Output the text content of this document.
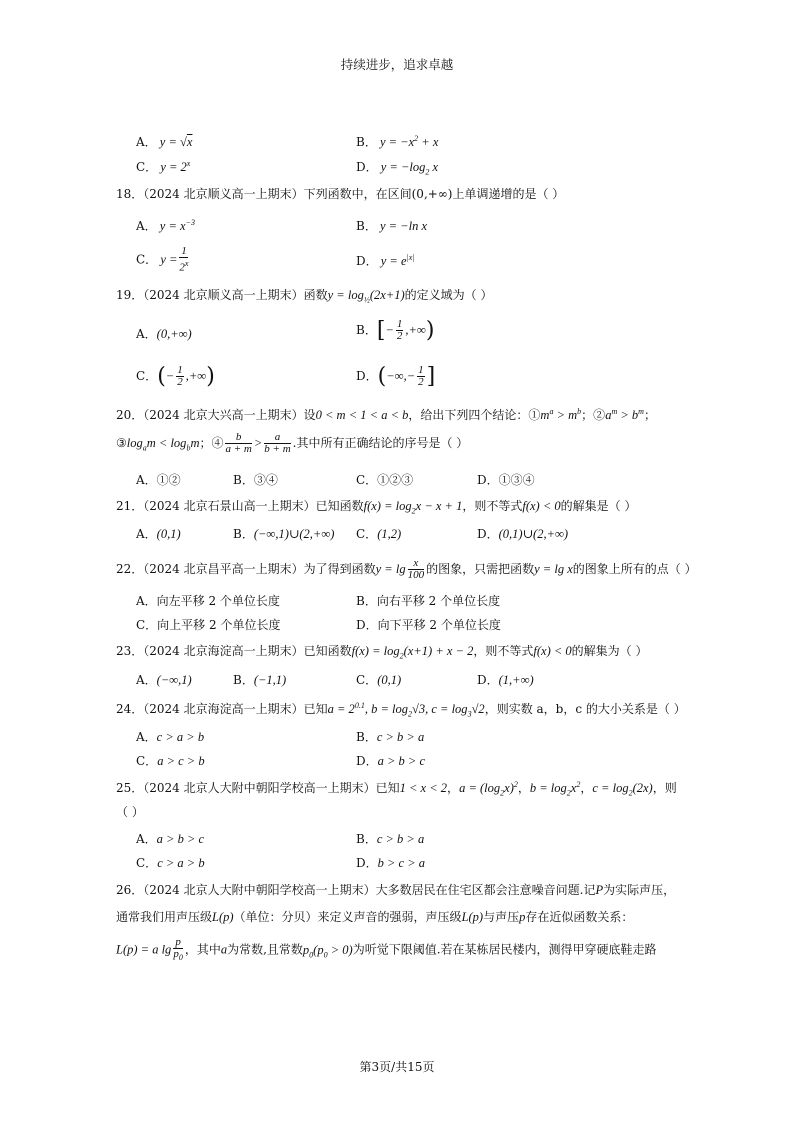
持续进步，追求卓越
A． y = √x	B． $y = -x^2 + x$
C． $y = 2^x$	D． $y = -\log_2$ x
18．（2024 北京顺义高一上期末）下列函数中，在区间(0,+∞)上单调递增的是（ ）
A． $y = x^{-3}$	B． y = −ln x
C． $y = \frac{1}{2^x}$	D． $y = e^{|x|}$
19．（2024 北京顺义高一上期末）函数$y = \log_{\frac{1}{2}}(2x+1)$的定义域为（ ）
A．(0,+∞)	B．[− $\frac{1}{2}$ ,+∞)
C．(− $\frac{1}{2}$ ,+∞)	D．(−∞,− $\frac{1}{2}$ ]
20．（2024 北京大兴高一上期末）设0 < m < 1 < a < b，给出下列四个结论：$①m^a > m^b$；$②a^m > b^m$；
$③\log_am < \log_bm$；④ $\frac{b}{a + m} > \frac{a}{b + m}$ .其中所有正确结论的序号是（ ）
A．①②	B．③④	C．①②③	D．①③④
21．（2024 北京石景山高一上期末）已知函数$f(x) = \log_2x - x + 1$，则不等式f(x) < 0的解集是（ ）
A．(0,1)	B．(−∞,1)∪(2,+∞) C．(1,2)	D．(0,1)∪(2,+∞)
22．（2024 北京昌平高一上期末）为了得到函数$y = \lg \frac{x}{100}$ 的图象，只需把函数y = lg x的图象上所有的点（ ）
A．向左平移 2 个单位长度	B．向右平移 2 个单位长度
C．向上平移 2 个单位长度	D．向下平移 2 个单位长度
23．（2024 北京海淀高一上期末）已知函数$f(x) = \log_2(x+1) + x - 2$，则不等式f(x) < 0的解集为（ ）
A．(−∞,1)	B．(−1,1)	C．(0,1)	D．(1,+∞)
24．（2024 北京海淀高一上期末）已知$a = 2^{0.1}$, $b = \log_2√3$, $c = \log_3√2$，则实数 a，b，c 的大小关系是（ ）
A．c > a > b	B．c > b > a
C．a > c > b	D．a > b > c
25．（2024 北京人大附中朝阳学校高一上期末）已知1 < x < 2，$a = (\log_2x)^2$，$b = \log_2x^2$，$c = \log_2(2x)$，则
（ ）
A．a > b > c	B．c > b > a
C．c > a > b	D．b > c > a
26．（2024 北京人大附中朝阳学校高一上期末）大多数居民在住宅区都会注意噪音问题.记P为实际声压，
通常我们用声压级L(p)（单位：分贝）来定义声音的强弱，声压级L(p)与声压p存在近似函数关系：
L(p) = a $\lg \frac{p}{p_0}$ ，其中a为常数,且常数$p_0(p_0 > 0)$为听觉下限阈值.若在某栋居民楼内，测得甲穿硬底鞋走路
第3页/共15页
